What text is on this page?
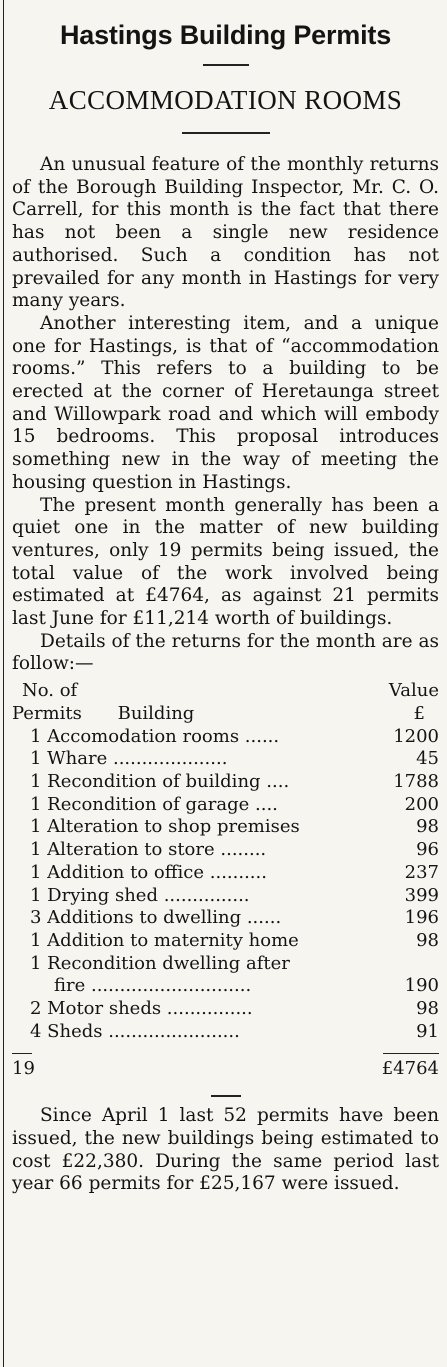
Hastings Building Permits
ACCOMMODATION ROOMS

An unusual feature of the monthly returns of the Borough Building Inspector, Mr. C. O. Carrell, for this month is the fact that there has not been a single new residence authorised. Such a condition has not prevailed for any month in Hastings for very many years.

Another interesting item, and a unique one for Hastings, is that of “accommodation rooms.” This refers to a building to be erected at the corner of Heretaunga street and Willowpark road and which will embody 15 bedrooms. This proposal introduces something new in the way of meeting the housing question in Hastings.

The present month generally has been a quiet one in the matter of new building ventures, only 19 permits being issued, the total value of the work involved being estimated at £4764, as against 21 permits last June for £11,214 worth of buildings.

Details of the returns for the month are as follow:—

No. of	Value
Permits Building	£
1 Accomodation rooms ......	1200
1 Whare ....................	45
1 Recondition of building ....	1788
1 Recondition of garage ....	200
1 Alteration to shop premises	98
1 Alteration to store ........	96
1 Addition to office ..........	237
1 Drying shed ...............	399
3 Additions to dwelling ......	196
1 Addition to maternity home	98
1 Recondition dwelling after
fire ............................	190
2 Motor sheds ...............	98
4 Sheds .......................	91
19	£4764

Since April 1 last 52 permits have been issued, the new buildings being estimated to cost £22,380. During the same period last year 66 permits for £25,167 were issued.
